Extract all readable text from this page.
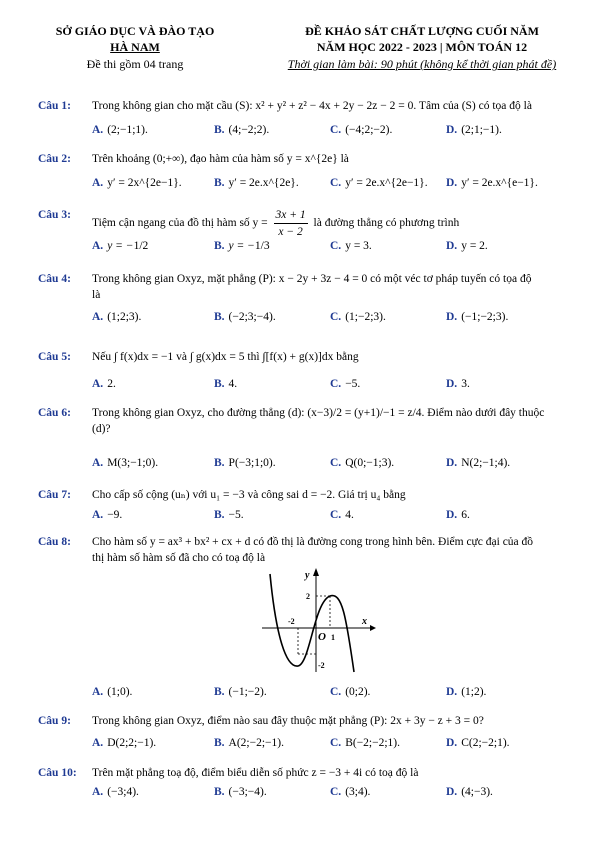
SỞ GIÁO DỤC VÀ ĐÀO TẠO
HÀ NAM
Đề thi gồm 04 trang
ĐỀ KHẢO SÁT CHẤT LƯỢNG CUỐI NĂM
NĂM HỌC 2022 - 2023 | MÔN TOÁN 12
Thời gian làm bài: 90 phút (không kể thời gian phát đề)
Câu 1: Trong không gian cho mặt cầu (S): x² + y² + z² − 4x + 2y − 2z − 2 = 0. Tâm của (S) có tọa độ là
A. (2;−1;1).	B. (4;−2;2).	C. (−4;2;−2).	D. (2;1;−1).
Câu 2: Trên khoảng (0;+∞), đạo hàm của hàm số y = x^{2e} là
A. y′ = 2x^{2e−1}.	B. y′ = 2e.x^{2e}.	C. y′ = 2e.x^{2e−1}. D. y′ = 2e.x^{e−1}.
Câu 3:
Tiệm cận ngang của đồ thị hàm số $y = \frac{3x + 1}{x - 2}$ là đường thẳng có phương trình
A. y = −1/2	B. y = −1/3	C. y = 3.	D. y = 2.
Câu 4: Trong không gian Oxyz, mặt phẳng (P): x − 2y + 3z − 4 = 0 có một véc tơ pháp tuyến có tọa độ
là
A. (1;2;3).	B. (−2;3;−4).	C. (1;−2;3).	D. (−1;−2;3).
Câu 5: Nếu ∫ f(x)dx = −1 và ∫ g(x)dx = 5 thì ∫[f(x) + g(x)]dx bằng
A. 2.	B. 4.	C. −5.	D. 3.
Câu 6: Trong không gian Oxyz, cho đường thẳng (d): (x−3)/2 = (y+1)/−1 = z/4. Điểm nào dưới đây thuộc
(d)?
A. M(3;−1;0).	B. P(−3;1;0).	C. Q(0;−1;3).	D. N(2;−1;4).
Câu 7: Cho cấp số cộng (uₙ) với u₁ = −3 và công sai d = −2. Giá trị u₄ bằng
A. −9.	B. −5.	C. 4.	D. 6.
Câu 8: Cho hàm số y = ax³ + bx² + cx + d có đồ thị là đường cong trong hình bên. Điểm cực đại của đồ
thị hàm số hàm số đã cho có toạ độ là
y
x
O
2
-2
-2
1
A. (1;0).	B. (−1;−2).	C. (0;2).	D. (1;2).
Câu 9: Trong không gian Oxyz, điểm nào sau đây thuộc mặt phẳng (P): 2x + 3y − z + 3 = 0?
A. D(2;2;−1).	B. A(2;−2;−1).	C. B(−2;−2;1).	D. C(2;−2;1).
Câu 10: Trên mặt phẳng toạ độ, điểm biểu diễn số phức z = −3 + 4i có toạ độ là
A. (−3;4).	B. (−3;−4).	C. (3;4).	D. (4;−3).
